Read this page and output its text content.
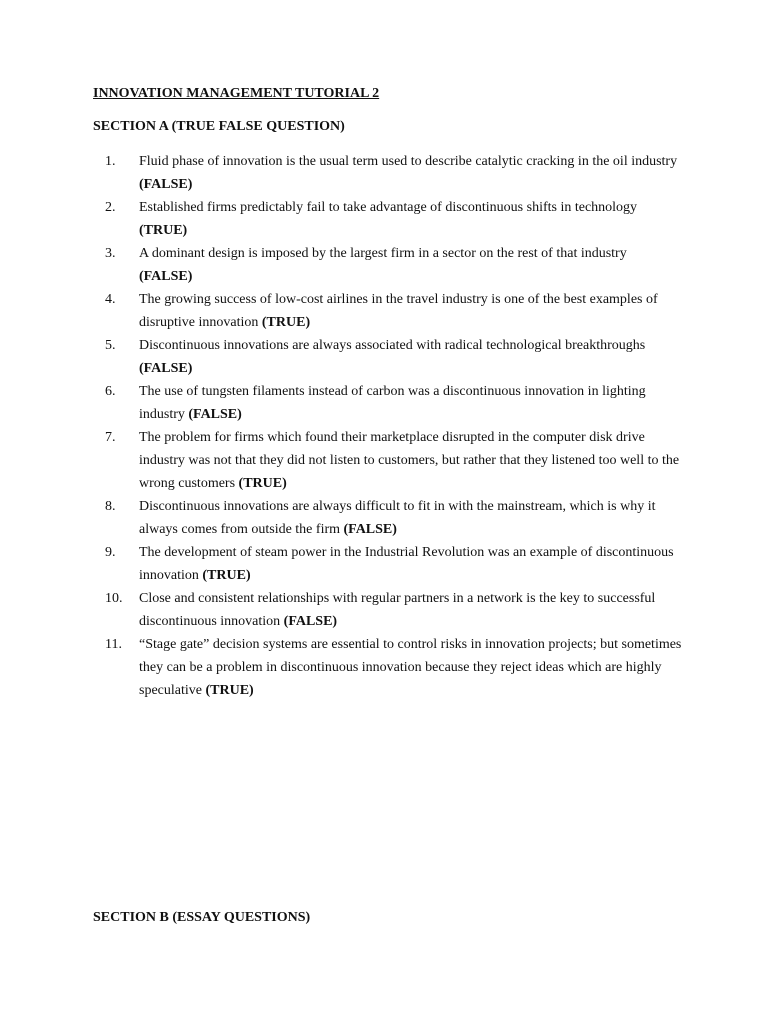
INNOVATION MANAGEMENT TUTORIAL 2
SECTION A (TRUE FALSE QUESTION)
1.	Fluid phase of innovation is the usual term used to describe catalytic cracking in the oil industry (FALSE)
2.	Established firms predictably fail to take advantage of discontinuous shifts in technology (TRUE)
3.	A dominant design is imposed by the largest firm in a sector on the rest of that industry (FALSE)
4.	The growing success of low-cost airlines in the travel industry is one of the best examples of disruptive innovation (TRUE)
5.	Discontinuous innovations are always associated with radical technological breakthroughs (FALSE)
6.	The use of tungsten filaments instead of carbon was a discontinuous innovation in lighting industry (FALSE)
7.	The problem for firms which found their marketplace disrupted in the computer disk drive industry was not that they did not listen to customers, but rather that they listened too well to the wrong customers (TRUE)
8.	Discontinuous innovations are always difficult to fit in with the mainstream, which is why it always comes from outside the firm (FALSE)
9.	The development of steam power in the Industrial Revolution was an example of discontinuous innovation (TRUE)
10.	Close and consistent relationships with regular partners in a network is the key to successful discontinuous innovation (FALSE)
11.	“Stage gate” decision systems are essential to control risks in innovation projects; but sometimes they can be a problem in discontinuous innovation because they reject ideas which are highly speculative (TRUE)
SECTION B (ESSAY QUESTIONS)
